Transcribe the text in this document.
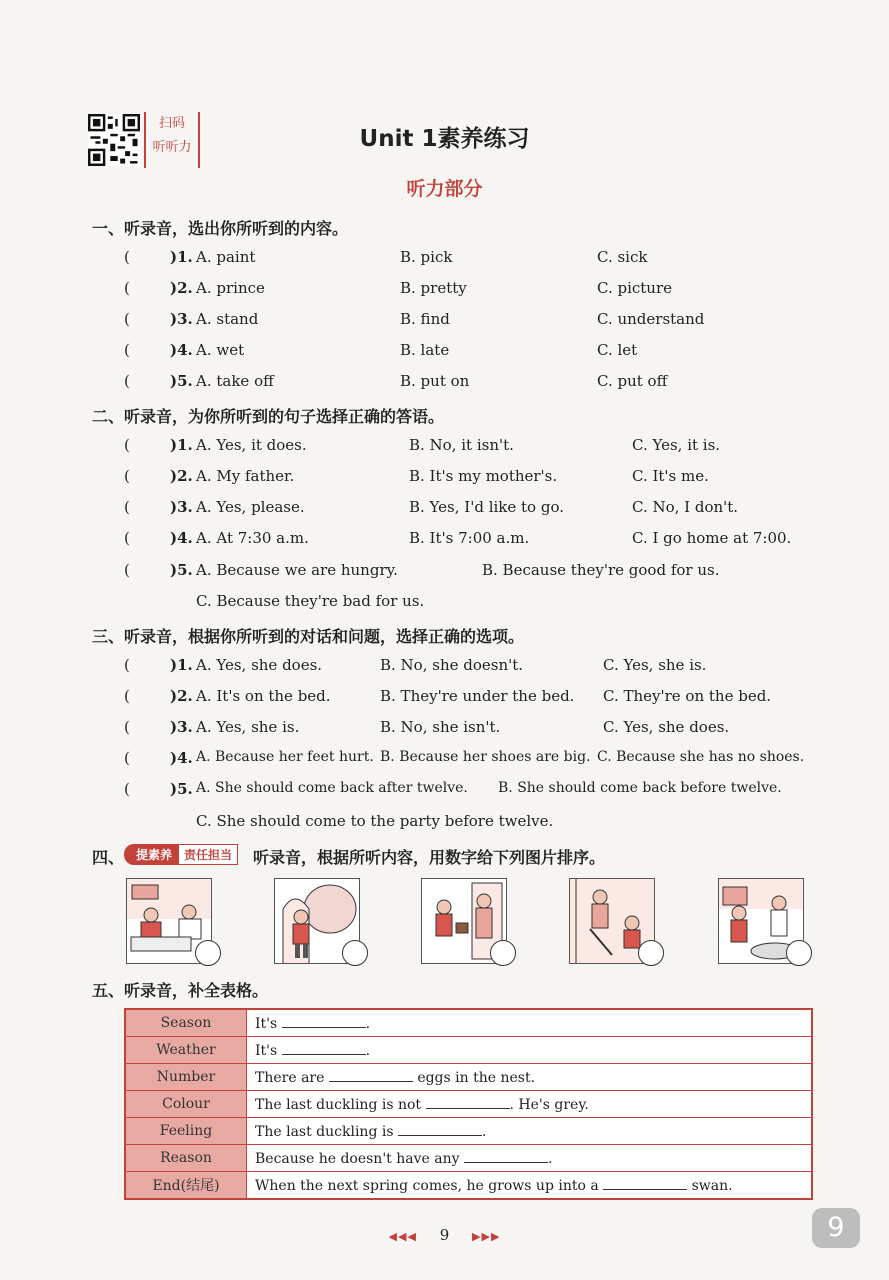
扫码
听听力	Unit 1素养练习
听力部分
一、听录音，选出你所听到的内容。
(	)1. A. paint	B. pick	C. sick
(	)2. A. prince	B. pretty	C. picture
(	)3. A. stand	B. find	C. understand
(	)4. A. wet	B. late	C. let
(	)5. A. take off	B. put on	C. put off
二、听录音，为你所听到的句子选择正确的答语。
(	)1. A. Yes, it does.	B. No, it isn't.	C. Yes, it is.
(	)2. A. My father.	B. It's my mother's.	C. It's me.
(	)3. A. Yes, please.	B. Yes, I'd like to go.	C. No, I don't.
(	)4. A. At 7:30 a.m.	B. It's 7:00 a.m.	C. I go home at 7:00.
(	)5. A. Because we are hungry.	B. Because they're good for us.
C. Because they're bad for us.
三、听录音，根据你所听到的对话和问题，选择正确的选项。
(	)1. A. Yes, she does.	B. No, she doesn't.	C. Yes, she is.
(	)2. A. It's on the bed.	B. They're under the bed. C. They're on the bed.
(	)3. A. Yes, she is.	B. No, she isn't.	C. Yes, she does.
(	)4. A. Because her feet hurt. B. Because her shoes are big. C. Because she has no shoes.
(	)5. A. She should come back after twelve. B. She should come back before twelve.
C. She should come to the party before twelve.
四、 提素养	责任担当	听录音，根据所听内容，用数字给下列图片排序。
五、听录音，补全表格。
Season	It's .
Weather	It's .
Number	There are eggs in the nest.
Colour	The last duckling is not . He's grey.
Feeling	The last duckling is .
Reason	Because he doesn't have any .
End(结尾)	When the next spring comes, he grows up into a swan.
◀◀◀ 9 ▶▶▶	9
